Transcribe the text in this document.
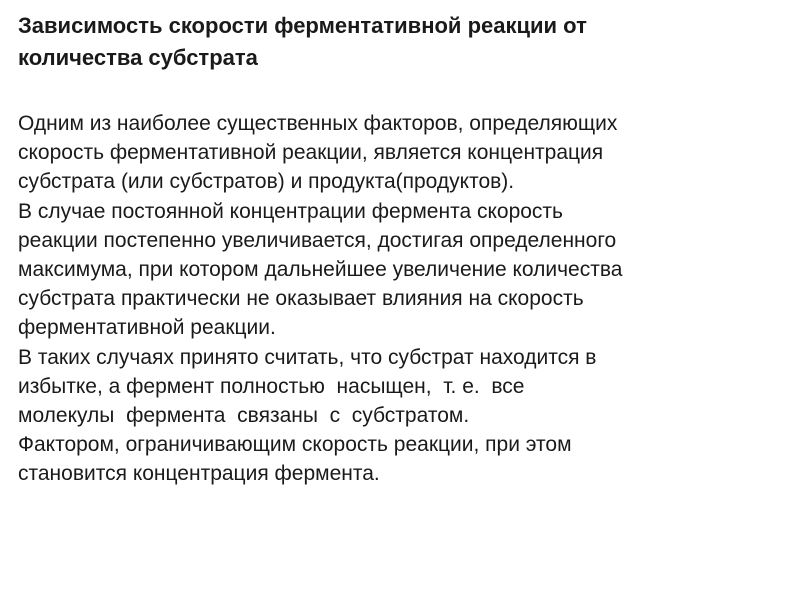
Зависимость скорости ферментативной реакции от
количества субстрата
Одним из наиболее существенных факторов, определяющих
скорость ферментативной реакции, является концентрация
субстрата (или субстратов) и продукта(продуктов).
В случае постоянной концентрации фермента скорость
реакции постепенно увеличивается, достигая определенного
максимума, при котором дальнейшее увеличение количества
субстрата практически не оказывает влияния на скорость
ферментативной реакции.
В таких случаях принято считать, что субстрат находится в
избытке, а фермент полностью  насыщен,  т. е.  все
молекулы  фермента  связаны  с  субстратом.
Фактором, ограничивающим скорость реакции, при этом
становится концентрация фермента.
